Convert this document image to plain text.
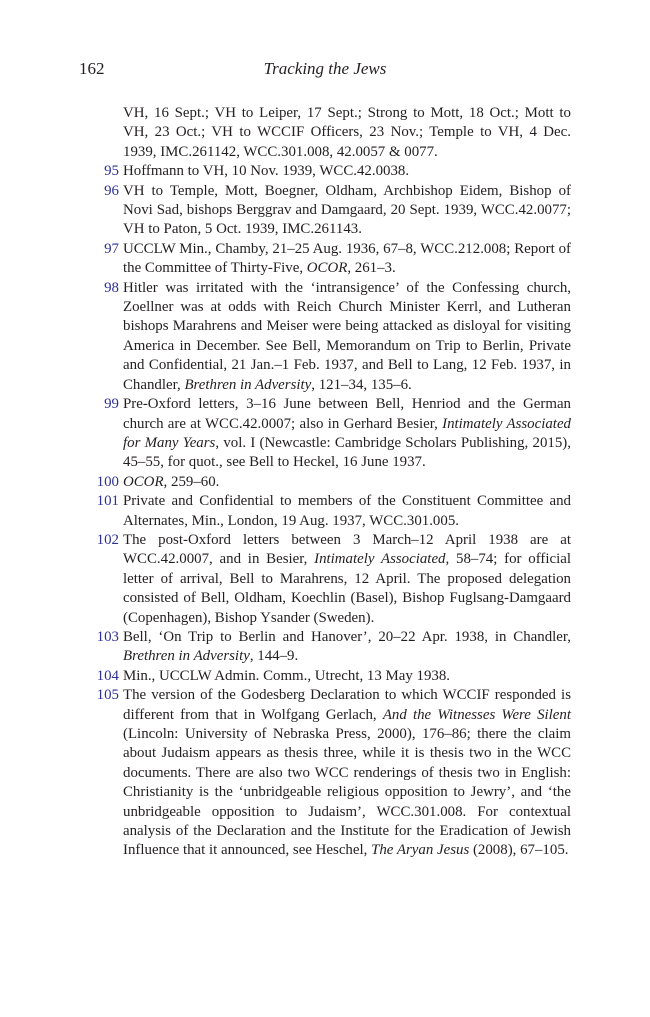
162	Tracking the Jews
VH, 16 Sept.; VH to Leiper, 17 Sept.; Strong to Mott, 18 Oct.; Mott to VH, 23 Oct.; VH to WCCIF Officers, 23 Nov.; Temple to VH, 4 Dec. 1939, IMC.261142, WCC.301.008, 42.0057 & 0077.
95 Hoffmann to VH, 10 Nov. 1939, WCC.42.0038.
96 VH to Temple, Mott, Boegner, Oldham, Archbishop Eidem, Bishop of Novi Sad, bishops Berggrav and Damgaard, 20 Sept. 1939, WCC.42.0077; VH to Paton, 5 Oct. 1939, IMC.261143.
97 UCCLW Min., Chamby, 21–25 Aug. 1936, 67–8, WCC.212.008; Report of the Committee of Thirty-Five, OCOR, 261–3.
98 Hitler was irritated with the ‘intransigence’ of the Confessing church, Zoellner was at odds with Reich Church Minister Kerrl, and Lutheran bishops Marahrens and Meiser were being attacked as disloyal for visiting America in December. See Bell, Memorandum on Trip to Berlin, Private and Confidential, 21 Jan.–1 Feb. 1937, and Bell to Lang, 12 Feb. 1937, in Chandler, Brethren in Adversity, 121–34, 135–6.
99 Pre-Oxford letters, 3–16 June between Bell, Henriod and the German church are at WCC.42.0007; also in Gerhard Besier, Intimately Associated for Many Years, vol. I (Newcastle: Cambridge Scholars Publishing, 2015), 45–55, for quot., see Bell to Heckel, 16 June 1937.
100 OCOR, 259–60.
101 Private and Confidential to members of the Constituent Committee and Alternates, Min., London, 19 Aug. 1937, WCC.301.005.
102 The post-Oxford letters between 3 March–12 April 1938 are at WCC.42.0007, and in Besier, Intimately Associated, 58–74; for official letter of arrival, Bell to Marahrens, 12 April. The proposed delegation consisted of Bell, Oldham, Koechlin (Basel), Bishop Fuglsang-Damgaard (Copenhagen), Bishop Ysander (Sweden).
103 Bell, ‘On Trip to Berlin and Hanover’, 20–22 Apr. 1938, in Chandler, Brethren in Adversity, 144–9.
104 Min., UCCLW Admin. Comm., Utrecht, 13 May 1938.
105 The version of the Godesberg Declaration to which WCCIF responded is different from that in Wolfgang Gerlach, And the Witnesses Were Silent (Lincoln: University of Nebraska Press, 2000), 176–86; there the claim about Judaism appears as thesis three, while it is thesis two in the WCC documents. There are also two WCC renderings of thesis two in English: Christianity is the ‘unbridgeable religious opposition to Jewry’, and ‘the unbridgeable opposition to Judaism’, WCC.301.008. For contextual analysis of the Declaration and the Institute for the Eradication of Jewish Influence that it announced, see Heschel, The Aryan Jesus (2008), 67–105.
